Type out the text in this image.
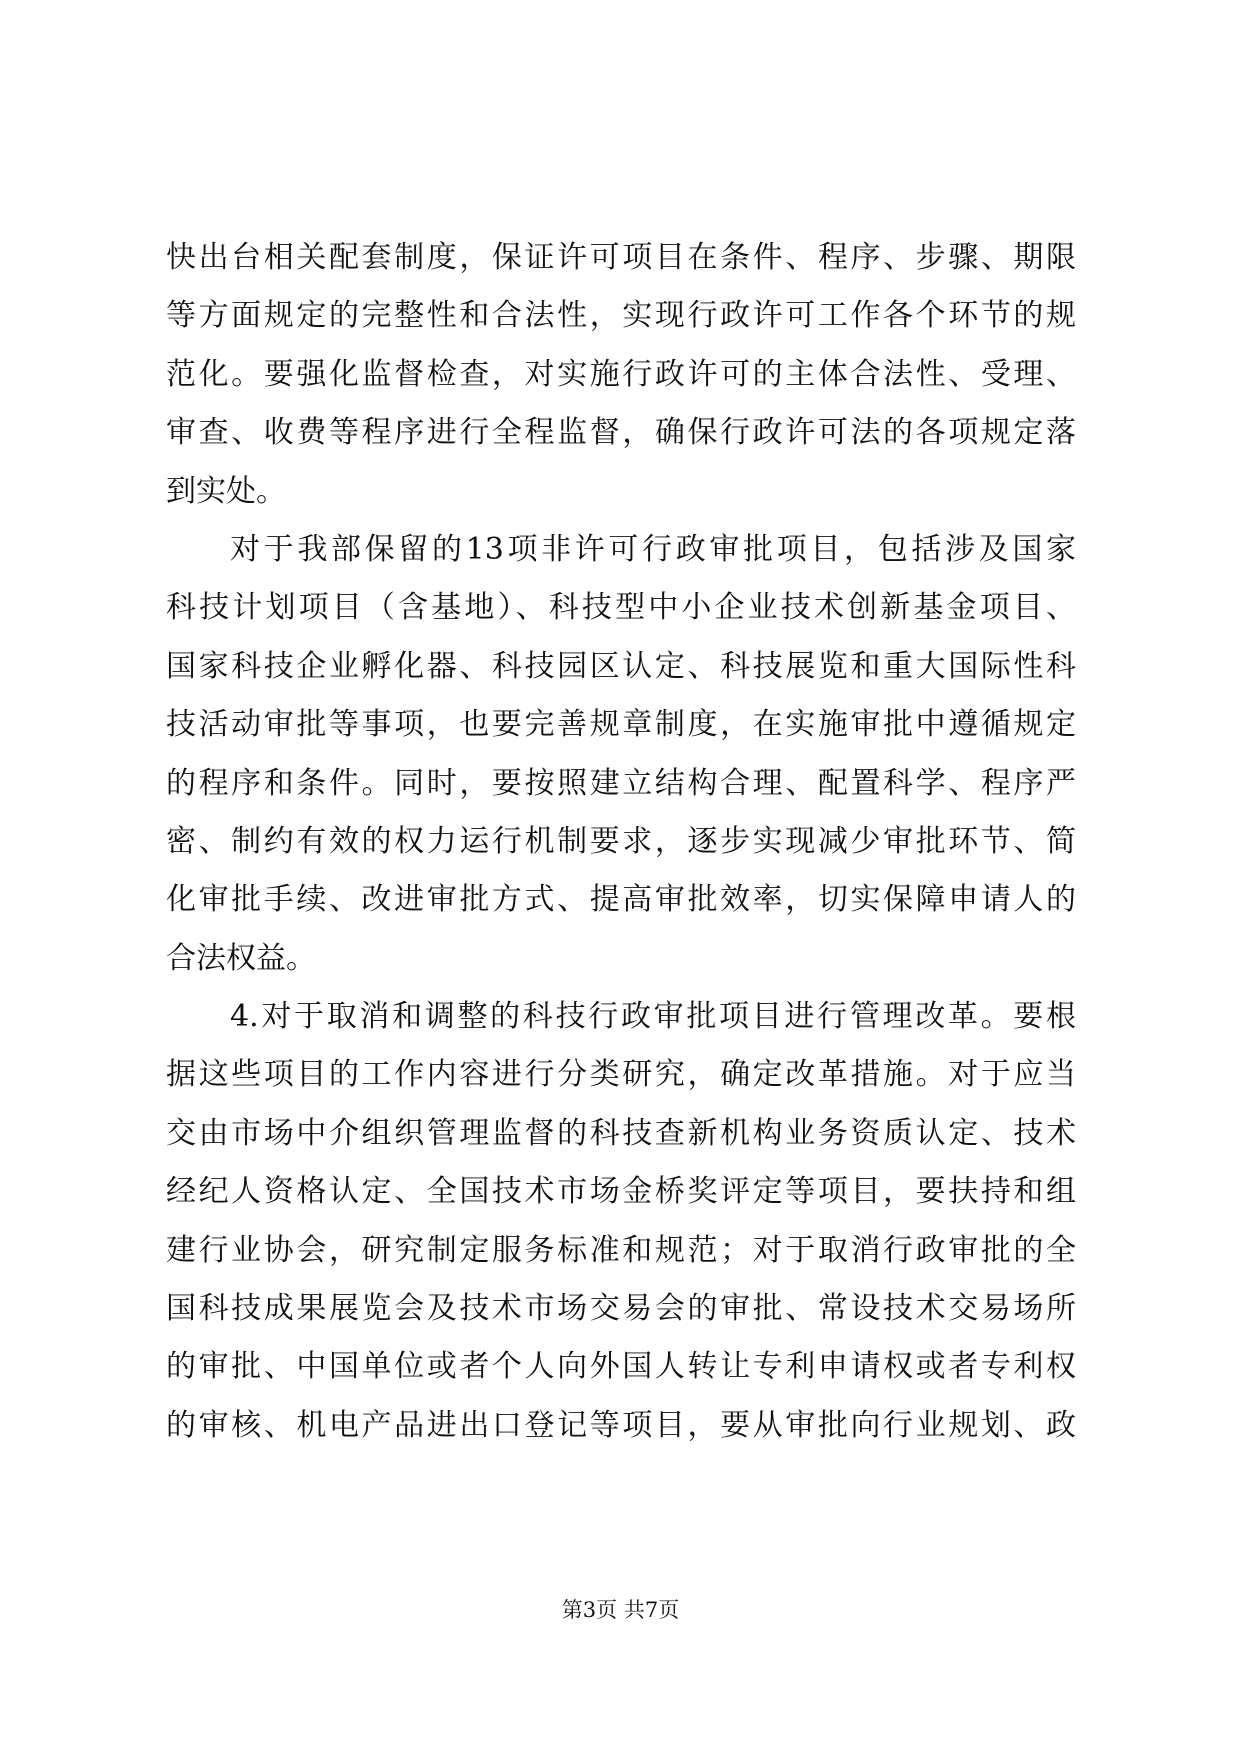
快出台相关配套制度，保证许可项目在条件、程序、步骤、期限
等方面规定的完整性和合法性，实现行政许可工作各个环节的规
范化。要强化监督检查，对实施行政许可的主体合法性、受理、
审查、收费等程序进行全程监督，确保行政许可法的各项规定落
到实处。
对于我部保留的13项非许可行政审批项目，包括涉及国家
科技计划项目（含基地）、科技型中小企业技术创新基金项目、
国家科技企业孵化器、科技园区认定、科技展览和重大国际性科
技活动审批等事项，也要完善规章制度，在实施审批中遵循规定
的程序和条件。同时，要按照建立结构合理、配置科学、程序严
密、制约有效的权力运行机制要求，逐步实现减少审批环节、简
化审批手续、改进审批方式、提高审批效率，切实保障申请人的
合法权益。
4.对于取消和调整的科技行政审批项目进行管理改革。要根
据这些项目的工作内容进行分类研究，确定改革措施。对于应当
交由市场中介组织管理监督的科技查新机构业务资质认定、技术
经纪人资格认定、全国技术市场金桥奖评定等项目，要扶持和组
建行业协会，研究制定服务标准和规范；对于取消行政审批的全
国科技成果展览会及技术市场交易会的审批、常设技术交易场所
的审批、中国单位或者个人向外国人转让专利申请权或者专利权
的审核、机电产品进出口登记等项目，要从审批向行业规划、政
第3页 共7页
